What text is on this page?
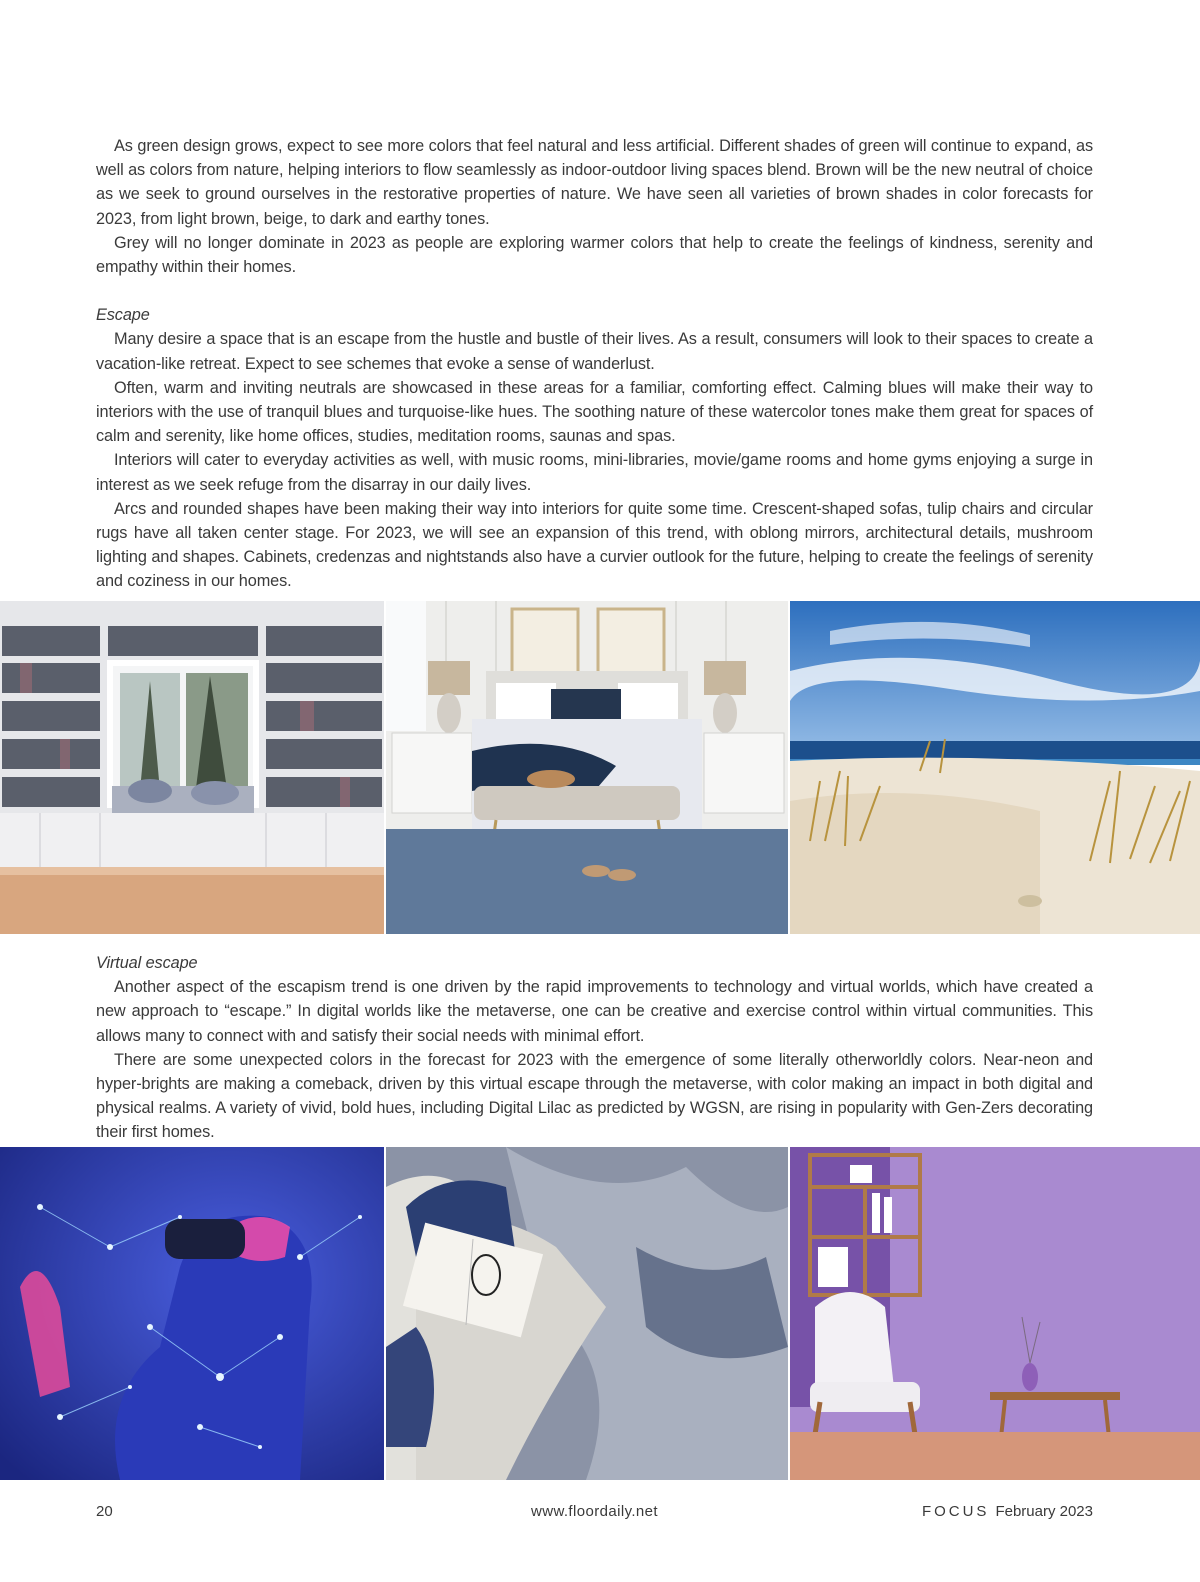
As green design grows, expect to see more colors that feel natural and less artificial. Different shades of green will continue to expand, as well as colors from nature, helping interiors to flow seamlessly as indoor-outdoor living spaces blend. Brown will be the new neutral of choice as we seek to ground ourselves in the restorative properties of nature. We have seen all varieties of brown shades in color forecasts for 2023, from light brown, beige, to dark and earthy tones.

Grey will no longer dominate in 2023 as people are exploring warmer colors that help to create the feelings of kindness, serenity and empathy within their homes.

Escape

Many desire a space that is an escape from the hustle and bustle of their lives. As a result, consumers will look to their spaces to create a vacation-like retreat. Expect to see schemes that evoke a sense of wanderlust.

Often, warm and inviting neutrals are showcased in these areas for a familiar, comforting effect. Calming blues will make their way to interiors with the use of tranquil blues and turquoise-like hues. The soothing nature of these watercolor tones make them great for spaces of calm and serenity, like home offices, studies, meditation rooms, saunas and spas.

Interiors will cater to everyday activities as well, with music rooms, mini-libraries, movie/game rooms and home gyms enjoying a surge in interest as we seek refuge from the disarray in our daily lives.

Arcs and rounded shapes have been making their way into interiors for quite some time. Crescent-shaped sofas, tulip chairs and circular rugs have all taken center stage. For 2023, we will see an expansion of this trend, with oblong mirrors, architectural details, mushroom lighting and shapes. Cabinets, credenzas and nightstands also have a curvier outlook for the future, helping to create the feelings of serenity and coziness in our homes.

Virtual escape

Another aspect of the escapism trend is one driven by the rapid improvements to technology and virtual worlds, which have created a new approach to “escape.” In digital worlds like the metaverse, one can be creative and exercise control within virtual communities. This allows many to connect with and satisfy their social needs with minimal effort.

There are some unexpected colors in the forecast for 2023 with the emergence of some literally otherworldly colors. Near-neon and hyper-brights are making a comeback, driven by this virtual escape through the metaverse, with color making an impact in both digital and physical realms. A variety of vivid, bold hues, including Digital Lilac as predicted by WGSN, are rising in popularity with Gen-Zers decorating their first homes.

20	www.floordaily.net	FOCUS February 2023
